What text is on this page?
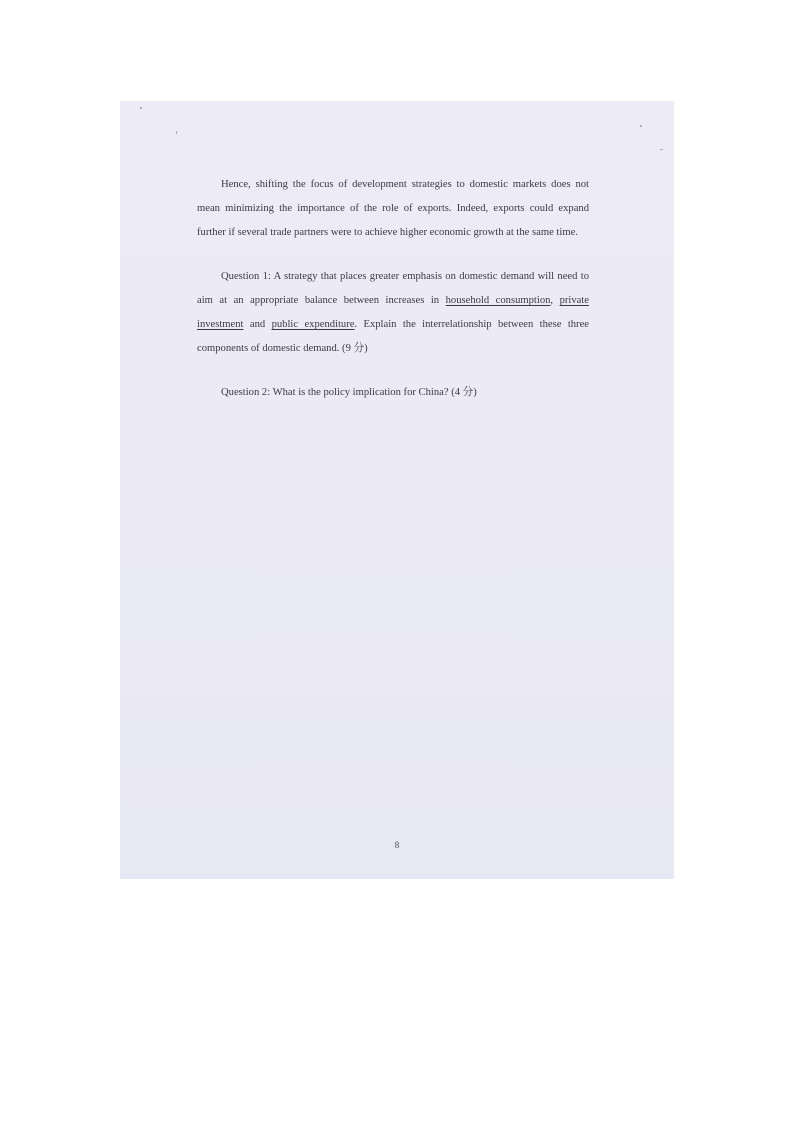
Hence, shifting the focus of development strategies to domestic markets does not mean minimizing the importance of the role of exports. Indeed, exports could expand further if several trade partners were to achieve higher economic growth at the same time.

Question 1: A strategy that places greater emphasis on domestic demand will need to aim at an appropriate balance between increases in household consumption, private investment and public expenditure. Explain the interrelationship between these three components of domestic demand. (9 分)

Question 2: What is the policy implication for China? (4 分)

8
